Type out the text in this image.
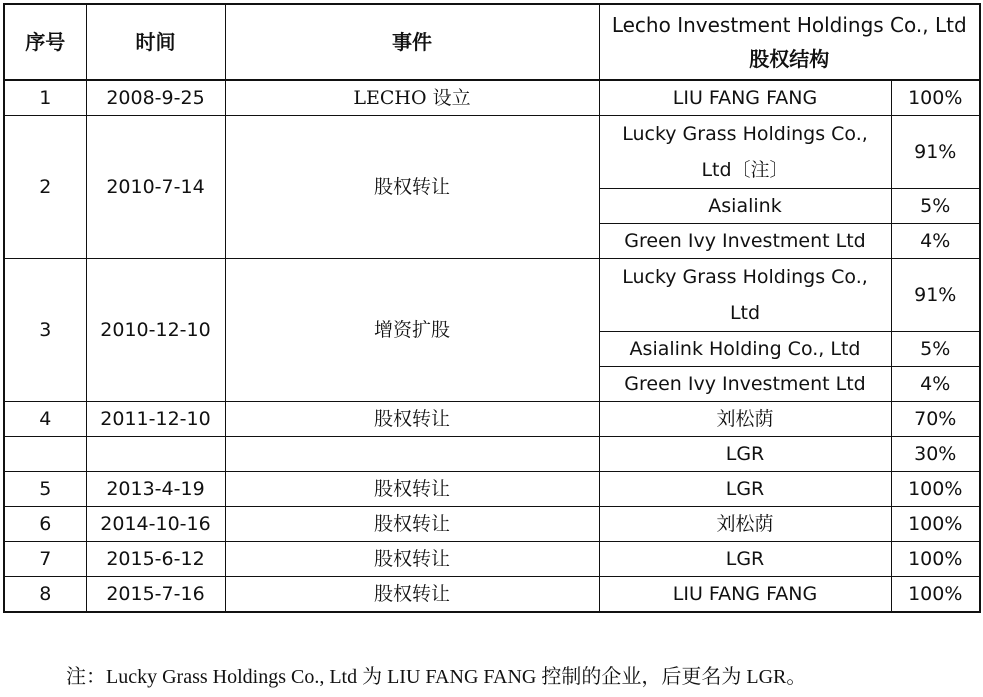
序号	时间	事件	Lecho Investment Holdings Co., Ltd
股权结构	

1	2008-9-25	LECHO 设立	LIU FANG FANG	100%
2	2010-7-14	股权转让	Lucky Grass Holdings Co., Ltd〔注〕	91%
			Asialink	5%
			Green Ivy Investment Ltd	4%
3	2010-12-10	增资扩股	Lucky Grass Holdings Co., Ltd	91%
			Asialink Holding Co., Ltd	5%
			Green Ivy Investment Ltd	4%
4	2011-12-10	股权转让	刘松荫	70%
			LGR	30%
5	2013-4-19	股权转让	LGR	100%
6	2014-10-16	股权转让	刘松荫	100%
7	2015-6-12	股权转让	LGR	100%
8	2015-7-16	股权转让	LIU FANG FANG	100%
注：Lucky Grass Holdings Co., Ltd 为 LIU FANG FANG 控制的企业，后更名为 LGR。
